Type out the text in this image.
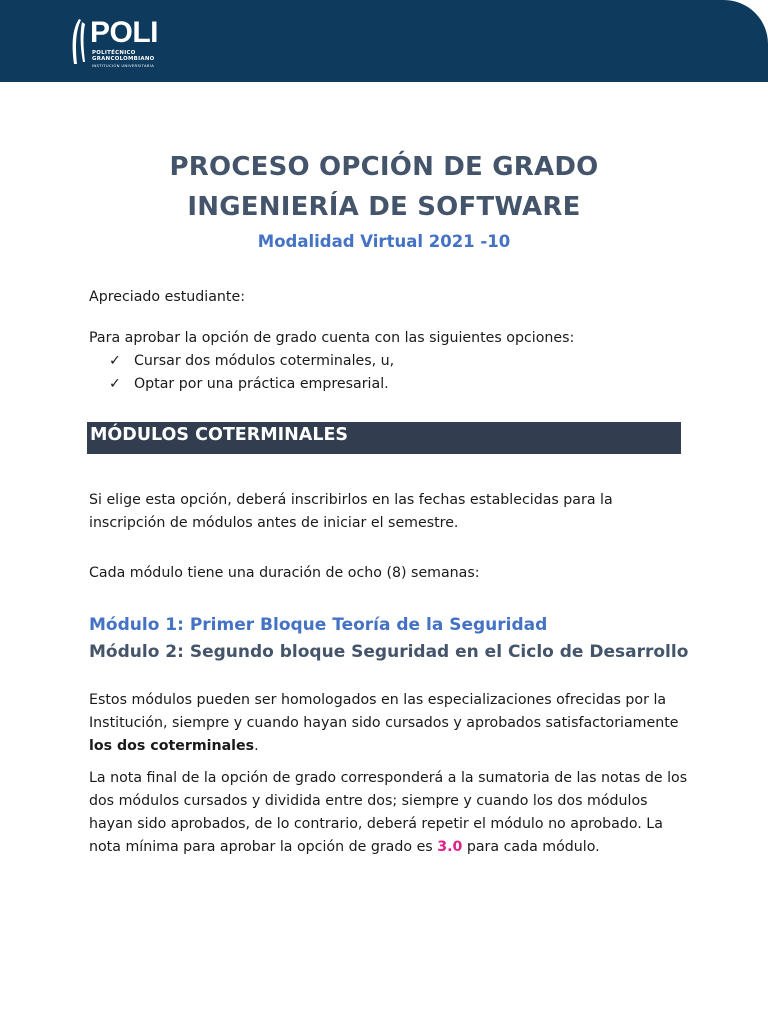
POLI
POLITÉCNICO
GRANCOLOMBIANO
INSTITUCIÓN UNIVERSITARIA
PROCESO OPCIÓN DE GRADO
INGENIERÍA DE SOFTWARE
Modalidad Virtual 2021 -10
Apreciado estudiante:
Para aprobar la opción de grado cuenta con las siguientes opciones:
✓ Cursar dos módulos coterminales, u,
✓ Optar por una práctica empresarial.
MÓDULOS COTERMINALES
Si elige esta opción, deberá inscribirlos en las fechas establecidas para la inscripción de módulos antes de iniciar el semestre.
Cada módulo tiene una duración de ocho (8) semanas:
Módulo 1: Primer Bloque Teoría de la Seguridad
Módulo 2: Segundo bloque Seguridad en el Ciclo de Desarrollo
Estos módulos pueden ser homologados en las especializaciones ofrecidas por la Institución, siempre y cuando hayan sido cursados y aprobados satisfactoriamente los dos coterminales.
La nota final de la opción de grado corresponderá a la sumatoria de las notas de los dos módulos cursados y dividida entre dos; siempre y cuando los dos módulos hayan sido aprobados, de lo contrario, deberá repetir el módulo no aprobado. La nota mínima para aprobar la opción de grado es 3.0 para cada módulo.
